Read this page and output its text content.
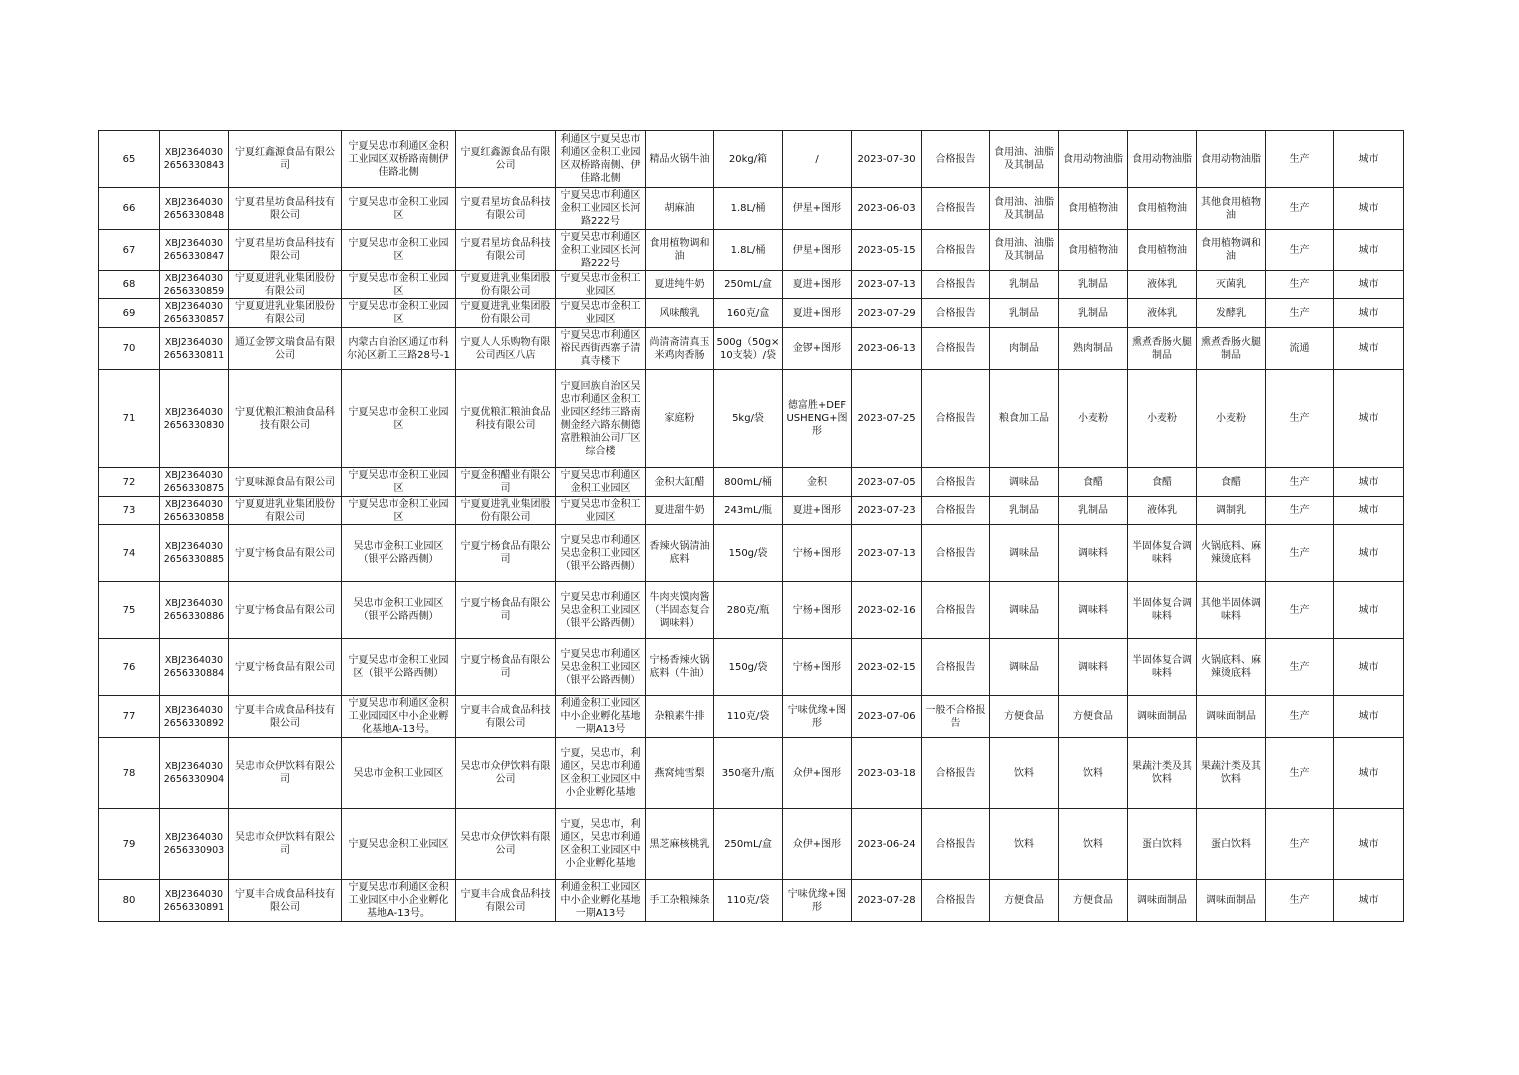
65	XBJ23640302656330843	宁夏红鑫源食品有限公司	宁夏吴忠市利通区金积工业园区双桥路南侧伊佳路北侧	宁夏红鑫源食品有限公司	利通区宁夏吴忠市利通区金积工业园区双桥路南侧、伊佳路北侧	精品火锅牛油	20kg/箱	/	2023-07-30	合格报告	食用油、油脂及其制品	食用动物油脂	食用动物油脂	食用动物油脂	生产	城市
66	XBJ23640302656330848	宁夏君星坊食品科技有限公司	宁夏吴忠市金积工业园区	宁夏君星坊食品科技有限公司	宁夏吴忠市利通区金积工业园区长河路222号	胡麻油	1.8L/桶	伊星+图形	2023-06-03	合格报告	食用油、油脂及其制品	食用植物油	食用植物油	其他食用植物油	生产	城市
67	XBJ23640302656330847	宁夏君星坊食品科技有限公司	宁夏吴忠市金积工业园区	宁夏君星坊食品科技有限公司	宁夏吴忠市利通区金积工业园区长河路222号	食用植物调和油	1.8L/桶	伊星+图形	2023-05-15	合格报告	食用油、油脂及其制品	食用植物油	食用植物油	食用植物调和油	生产	城市
68	XBJ23640302656330859	宁夏夏进乳业集团股份有限公司	宁夏吴忠市金积工业园区	宁夏夏进乳业集团股份有限公司	宁夏吴忠市金积工业园区	夏进纯牛奶	250mL/盒	夏进+图形	2023-07-13	合格报告	乳制品	乳制品	液体乳	灭菌乳	生产	城市
69	XBJ23640302656330857	宁夏夏进乳业集团股份有限公司	宁夏吴忠市金积工业园区	宁夏夏进乳业集团股份有限公司	宁夏吴忠市金积工业园区	风味酸乳	160克/盒	夏进+图形	2023-07-29	合格报告	乳制品	乳制品	液体乳	发酵乳	生产	城市
70	XBJ23640302656330811	通辽金锣文瑞食品有限公司	内蒙古自治区通辽市科尔沁区新工三路28号-1	宁夏人人乐购物有限公司西区八店	宁夏吴忠市利通区裕民西街西寨子清真寺楼下	尚清斋清真玉米鸡肉香肠	500g（50g×10支装）/袋	金锣+图形	2023-06-13	合格报告	肉制品	熟肉制品	熏煮香肠火腿制品	熏煮香肠火腿制品	流通	城市
71	XBJ23640302656330830	宁夏优粮汇粮油食品科技有限公司	宁夏吴忠市金积工业园区	宁夏优粮汇粮油食品科技有限公司	宁夏回族自治区吴忠市利通区金积工业园区经纬三路南侧金经六路东侧德富胜粮油公司厂区综合楼	家庭粉	5kg/袋	德富胜+DEFUSHENG+图形	2023-07-25	合格报告	粮食加工品	小麦粉	小麦粉	小麦粉	生产	城市
72	XBJ23640302656330875	宁夏味源食品有限公司	宁夏吴忠市金积工业园区	宁夏金积醋业有限公司	宁夏吴忠市利通区金积工业园区	金积大缸醋	800mL/桶	金积	2023-07-05	合格报告	调味品	食醋	食醋	食醋	生产	城市
73	XBJ23640302656330858	宁夏夏进乳业集团股份有限公司	宁夏吴忠市金积工业园区	宁夏夏进乳业集团股份有限公司	宁夏吴忠市金积工业园区	夏进甜牛奶	243mL/瓶	夏进+图形	2023-07-23	合格报告	乳制品	乳制品	液体乳	调制乳	生产	城市
74	XBJ23640302656330885	宁夏宁杨食品有限公司	吴忠市金积工业园区（银平公路西侧）	宁夏宁杨食品有限公司	宁夏吴忠市利通区吴忠金积工业园区（银平公路西侧）	香辣火锅清油底料	150g/袋	宁杨+图形	2023-07-13	合格报告	调味品	调味料	半固体复合调味料	火锅底料、麻辣烫底料	生产	城市
75	XBJ23640302656330886	宁夏宁杨食品有限公司	吴忠市金积工业园区（银平公路西侧）	宁夏宁杨食品有限公司	宁夏吴忠市利通区吴忠金积工业园区（银平公路西侧）	牛肉夹馍肉酱（半固态复合调味料）	280克/瓶	宁杨+图形	2023-02-16	合格报告	调味品	调味料	半固体复合调味料	其他半固体调味料	生产	城市
76	XBJ23640302656330884	宁夏宁杨食品有限公司	宁夏吴忠市金积工业园区（银平公路西侧）	宁夏宁杨食品有限公司	宁夏吴忠市利通区吴忠金积工业园区（银平公路西侧）	宁杨香辣火锅底料（牛油）	150g/袋	宁杨+图形	2023-02-15	合格报告	调味品	调味料	半固体复合调味料	火锅底料、麻辣烫底料	生产	城市
77	XBJ23640302656330892	宁夏丰合成食品科技有限公司	宁夏吴忠市利通区金积工业园园区中小企业孵化基地A-13号。	宁夏丰合成食品科技有限公司	利通金积工业园区中小企业孵化基地一期A13号	杂粮素牛排	110克/袋	宁味优缘+图形	2023-07-06	一般不合格报告	方便食品	方便食品	调味面制品	调味面制品	生产	城市
78	XBJ23640302656330904	吴忠市众伊饮料有限公司	吴忠市金积工业园区	吴忠市众伊饮料有限公司	宁夏，吴忠市，利通区，吴忠市利通区金积工业园区中小企业孵化基地	燕窝炖雪梨	350毫升/瓶	众伊+图形	2023-03-18	合格报告	饮料	饮料	果蔬汁类及其饮料	果蔬汁类及其饮料	生产	城市
79	XBJ23640302656330903	吴忠市众伊饮料有限公司	宁夏吴忠金积工业园区	吴忠市众伊饮料有限公司	宁夏，吴忠市，利通区，吴忠市利通区金积工业园区中小企业孵化基地	黑芝麻核桃乳	250mL/盒	众伊+图形	2023-06-24	合格报告	饮料	饮料	蛋白饮料	蛋白饮料	生产	城市
80	XBJ23640302656330891	宁夏丰合成食品科技有限公司	宁夏吴忠市利通区金积工业园区中小企业孵化基地A-13号。	宁夏丰合成食品科技有限公司	利通金积工业园区中小企业孵化基地一期A13号	手工杂粮辣条	110克/袋	宁味优缘+图形	2023-07-28	合格报告	方便食品	方便食品	调味面制品	调味面制品	生产	城市
